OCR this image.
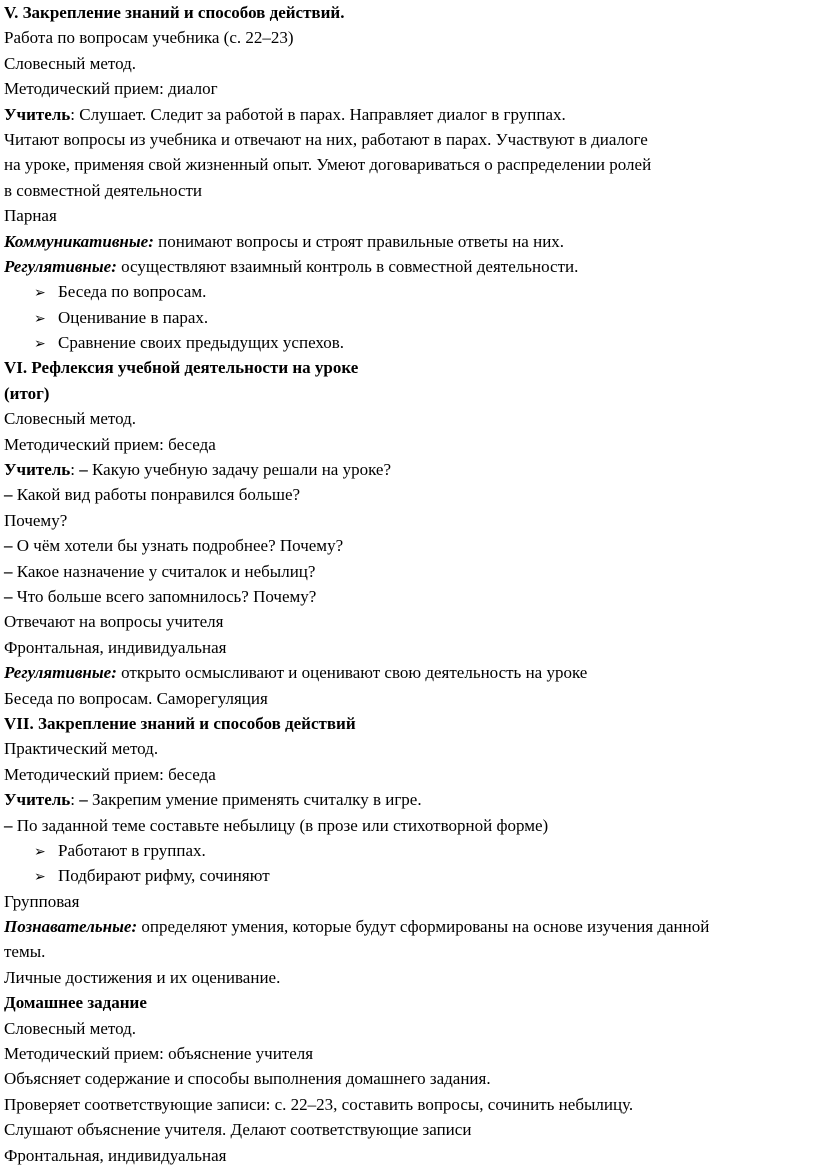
V. Закрепление знаний и способов действий.
Работа по вопросам учебника (с. 22–23)
Словесный метод.
Методический прием: диалог
Учитель: Слушает. Следит за работой в парах. Направляет диалог в группах.
Читают вопросы из учебника и отвечают на них, работают в парах. Участвуют в диалоге
на уроке, применяя свой жизненный опыт. Умеют договариваться о распределении ролей
в совместной деятельности
Парная
Коммуникативные: понимают вопросы и строят правильные ответы на них.
Регулятивные: осуществляют взаимный контроль в совместной деятельности.
➢ Беседа по вопросам.
➢ Оценивание в парах.
➢ Сравнение своих предыдущих успехов.
VI. Рефлексия учебной деятельности на уроке
(итог)
Словесный метод.
Методический прием: беседа
Учитель: – Какую учебную задачу решали на уроке?
– Какой вид работы понравился больше?
Почему?
– О чём хотели бы узнать подробнее? Почему?
– Какое назначение у считалок и небылиц?
– Что больше всего запомнилось? Почему?
Отвечают на вопросы учителя
Фронтальная, индивидуальная
Регулятивные: открыто осмысливают и оценивают свою деятельность на уроке
Беседа по вопросам. Саморегуляция
VII. Закрепление знаний и способов действий
Практический метод.
Методический прием: беседа
Учитель: – Закрепим умение применять считалку в игре.
– По заданной теме составьте небылицу (в прозе или стихотворной форме)
➢ Работают в группах.
➢ Подбирают рифму, сочиняют
Групповая
Познавательные: определяют умения, которые будут сформированы на основе изучения данной
темы.
Личные достижения и их оценивание.
Домашнее задание
Словесный метод.
Методический прием: объяснение учителя
Объясняет содержание и способы выполнения домашнего задания.
Проверяет соответствующие записи: с. 22–23, составить вопросы, сочинить небылицу.
Слушают объяснение учителя. Делают соответствующие записи
Фронтальная, индивидуальная
